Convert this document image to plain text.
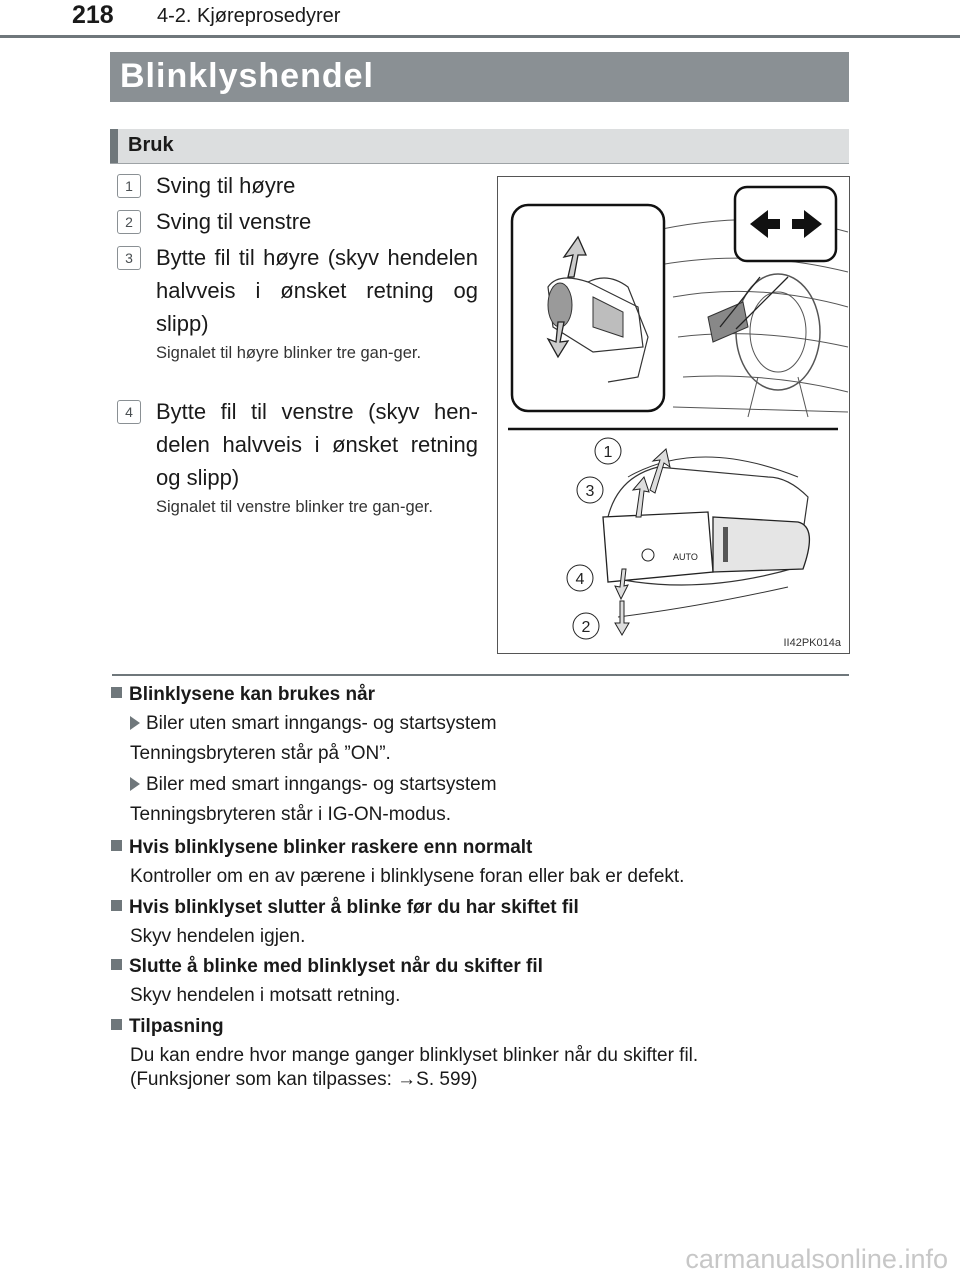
218 4-2. Kjøreprosedyrer
Blinklyshendel
Bruk
1	Sving til høyre
2	Sving til venstre
3	Bytte fil til høyre (skyv hendelen halvveis i ønsket retning og slipp)
Signalet til høyre blinker tre gan-ger.
4	Bytte fil til venstre (skyv hen-delen halvveis i ønsket retning og slipp)
Signalet til venstre blinker tre gan-ger.
AUTO
1
3
4
2
II42PK014a
Blinklysene kan brukes når
Biler uten smart inngangs- og startsystem
Tenningsbryteren står på ”ON”.
Biler med smart inngangs- og startsystem
Tenningsbryteren står i IG-ON-modus.
Hvis blinklysene blinker raskere enn normalt
Kontroller om en av pærene i blinklysene foran eller bak er defekt.
Hvis blinklyset slutter å blinke før du har skiftet fil
Skyv hendelen igjen.
Slutte å blinke med blinklyset når du skifter fil
Skyv hendelen i motsatt retning.
Tilpasning
Du kan endre hvor mange ganger blinklyset blinker når du skifter fil.
(Funksjoner som kan tilpasses: →S. 599)
carmanualsonline.info
